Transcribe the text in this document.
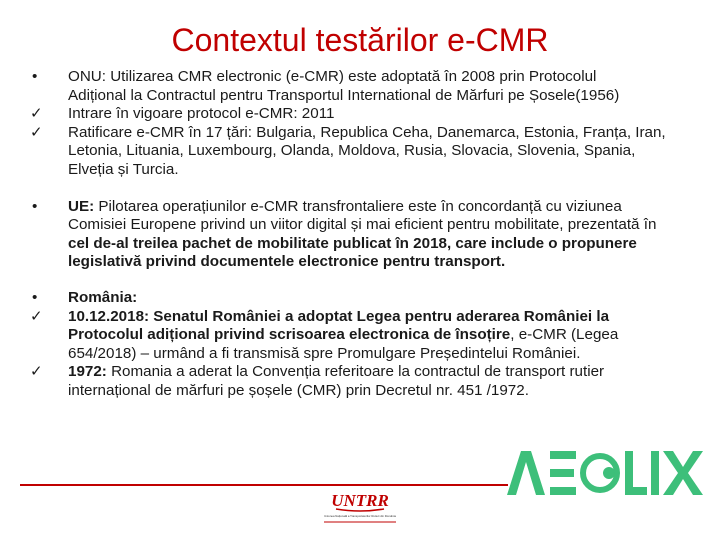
Contextul testărilor e-CMR
•	ONU: Utilizarea CMR electronic (e-CMR) este adoptată în 2008 prin Protocolul
Adițional la Contractul pentru Transportul International de Mărfuri pe Șosele(1956)
✓	Intrare în vigoare protocol e-CMR: 2011
✓	Ratificare e-CMR în 17 țări: Bulgaria, Republica Ceha, Danemarca, Estonia, Franța, Iran,
Letonia, Lituania, Luxembourg, Olanda, Moldova, Rusia, Slovacia, Slovenia, Spania,
Elveția și Turcia.
•	UE: Pilotarea operațiunilor e-CMR transfrontaliere este în concordanță cu viziunea
Comisiei Europene privind un viitor digital și mai eficient pentru mobilitate, prezentată în
cel de-al treilea pachet de mobilitate publicat în 2018, care include o propunere
legislativă privind documentele electronice pentru transport.
•	România:
✓	10.12.2018: Senatul României a adoptat Legea pentru aderarea României la
Protocolul adițional privind scrisoarea electronica de însoțire, e-CMR (Legea
654/2018) – urmând a fi transmisă spre Promulgare Președintelui României.
✓	1972: Romania a aderat la Convenția referitoare la contractul de transport rutier
internațional de mărfuri pe șoșele (CMR) prin Decretul nr. 451 /1972.
UNTRR
Uniunea Națională a Transportatorilor Rutieri din România
